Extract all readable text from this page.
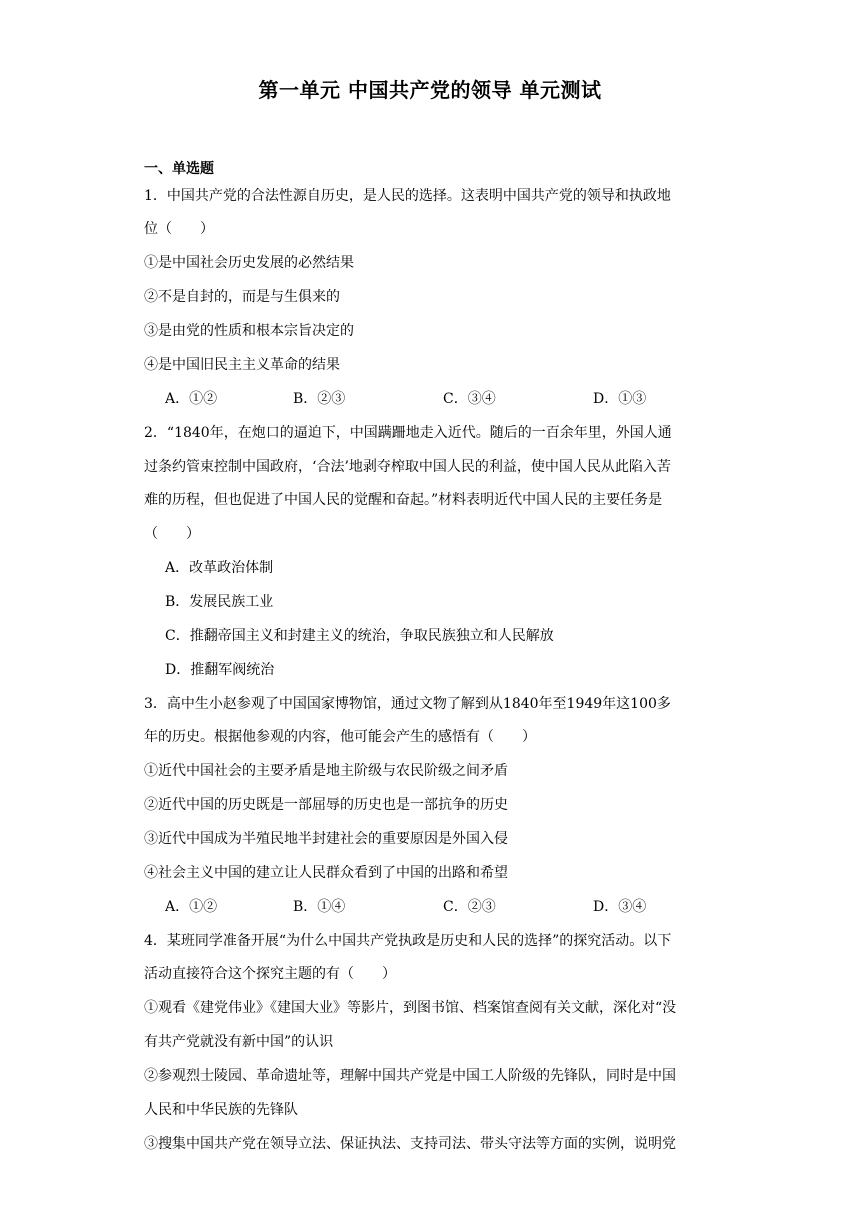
第一单元 中国共产党的领导 单元测试
一、单选题
1．中国共产党的合法性源自历史，是人民的选择。这表明中国共产党的领导和执政地
位（　　）
①是中国社会历史发展的必然结果
②不是自封的，而是与生俱来的
③是由党的性质和根本宗旨决定的
④是中国旧民主主义革命的结果
A．①②	B．②③	C．③④	D．①③
2．“1840年，在炮口的逼迫下，中国蹒跚地走入近代。随后的一百余年里，外国人通
过条约管束控制中国政府，‘合法’地剥夺榨取中国人民的利益，使中国人民从此陷入苦
难的历程，但也促进了中国人民的觉醒和奋起。”材料表明近代中国人民的主要任务是
（　　）
A．改革政治体制
B．发展民族工业
C．推翻帝国主义和封建主义的统治，争取民族独立和人民解放
D．推翻军阀统治
3．高中生小赵参观了中国国家博物馆，通过文物了解到从1840年至1949年这100多
年的历史。根据他参观的内容，他可能会产生的感悟有（　　）
①近代中国社会的主要矛盾是地主阶级与农民阶级之间矛盾
②近代中国的历史既是一部屈辱的历史也是一部抗争的历史
③近代中国成为半殖民地半封建社会的重要原因是外国入侵
④社会主义中国的建立让人民群众看到了中国的出路和希望
A．①②	B．①④	C．②③	D．③④
4．某班同学准备开展“为什么中国共产党执政是历史和人民的选择”的探究活动。以下
活动直接符合这个探究主题的有（　　）
①观看《建党伟业》《建国大业》等影片，到图书馆、档案馆查阅有关文献，深化对“没
有共产党就没有新中国”的认识
②参观烈士陵园、革命遗址等，理解中国共产党是中国工人阶级的先锋队，同时是中国
人民和中华民族的先锋队
③搜集中国共产党在领导立法、保证执法、支持司法、带头守法等方面的实例，说明党
